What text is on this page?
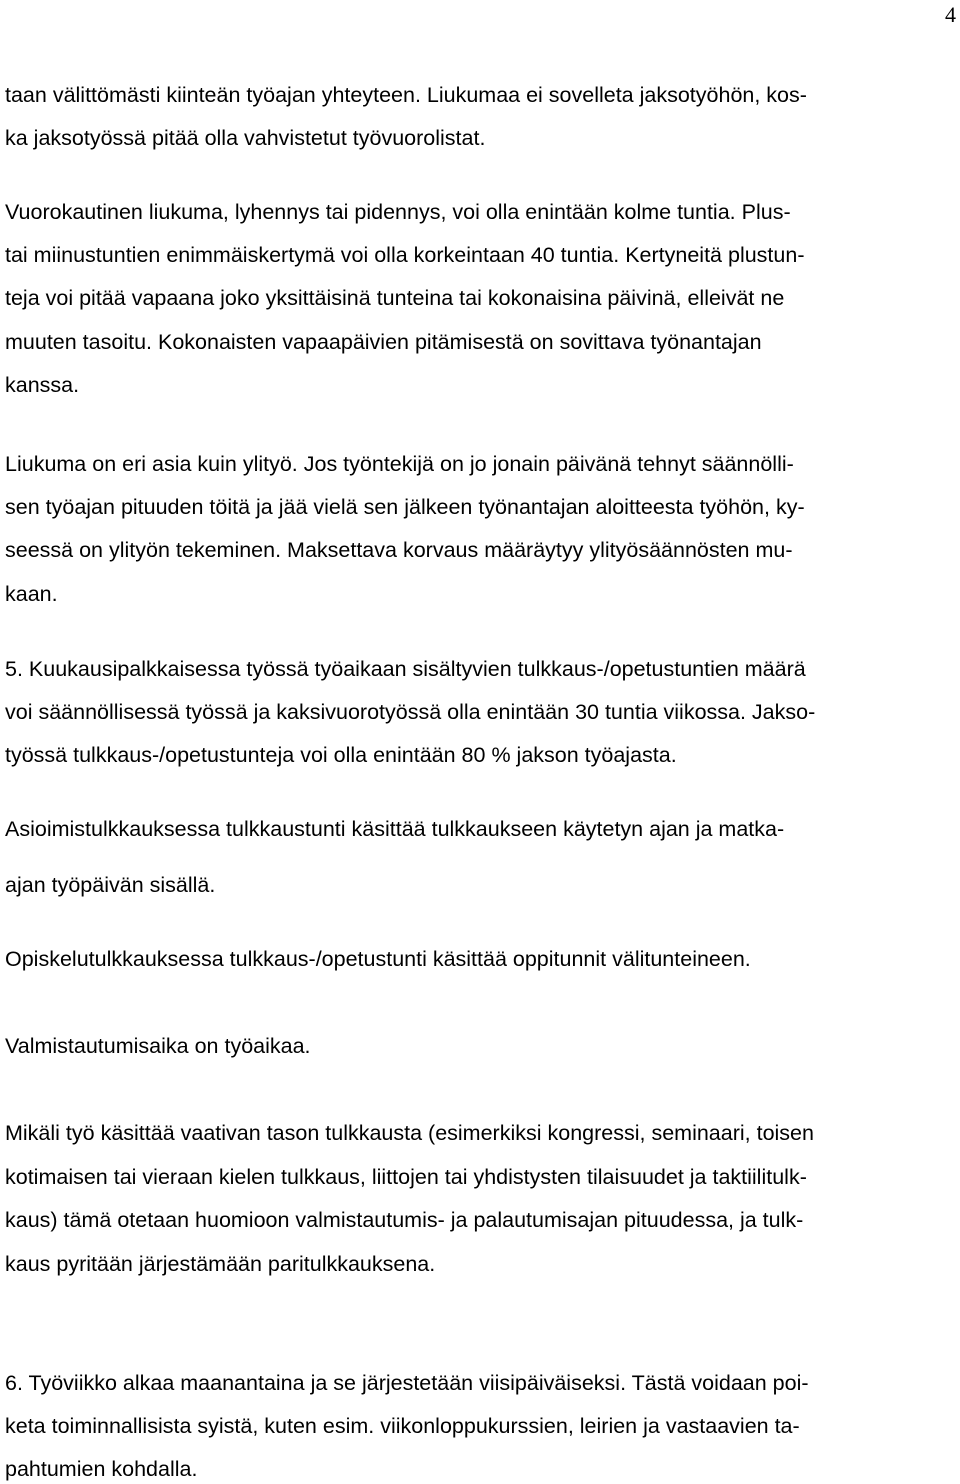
4
taan välittömästi kiinteän työajan yhteyteen. Liukumaa ei sovelleta jaksotyöhön, kos-
ka jaksotyössä pitää olla vahvistetut työvuorolistat.
Vuorokautinen liukuma, lyhennys tai pidennys, voi olla enintään kolme tuntia. Plus-
tai miinustuntien enimmäiskertymä voi olla korkeintaan 40 tuntia. Kertyneitä plustun-
teja voi pitää vapaana joko yksittäisinä tunteina tai kokonaisina päivinä, elleivät ne
muuten tasoitu. Kokonaisten vapaapäivien pitämisestä on sovittava työnantajan
kanssa.
Liukuma on eri asia kuin ylityö. Jos työntekijä on jo jonain päivänä tehnyt säännölli-
sen työajan pituuden töitä ja jää vielä sen jälkeen työnantajan aloitteesta työhön, ky-
seessä on ylityön tekeminen. Maksettava korvaus määräytyy ylityösäännösten mu-
kaan.
5. Kuukausipalkkaisessa työssä työaikaan sisältyvien tulkkaus-/opetustuntien määrä
voi säännöllisessä työssä ja kaksivuorotyössä olla enintään 30 tuntia viikossa. Jakso-
työssä tulkkaus-/opetustunteja voi olla enintään 80 % jakson työajasta.
Asioimistulkkauksessa tulkkaustunti käsittää tulkkaukseen käytetyn ajan ja matka-
ajan työpäivän sisällä.
Opiskelutulkkauksessa tulkkaus-/opetustunti käsittää oppitunnit välitunteineen.
Valmistautumisaika on työaikaa.
Mikäli työ käsittää vaativan tason tulkkausta (esimerkiksi kongressi, seminaari, toisen
kotimaisen tai vieraan kielen tulkkaus, liittojen tai yhdistysten tilaisuudet ja taktiilitulk-
kaus) tämä otetaan huomioon valmistautumis- ja palautumisajan pituudessa, ja tulk-
kaus pyritään järjestämään paritulkkauksena.
6. Työviikko alkaa maanantaina ja se järjestetään viisipäiväiseksi. Tästä voidaan poi-
keta toiminnallisista syistä, kuten esim. viikonloppukurssien, leirien ja vastaavien ta-
pahtumien kohdalla.
